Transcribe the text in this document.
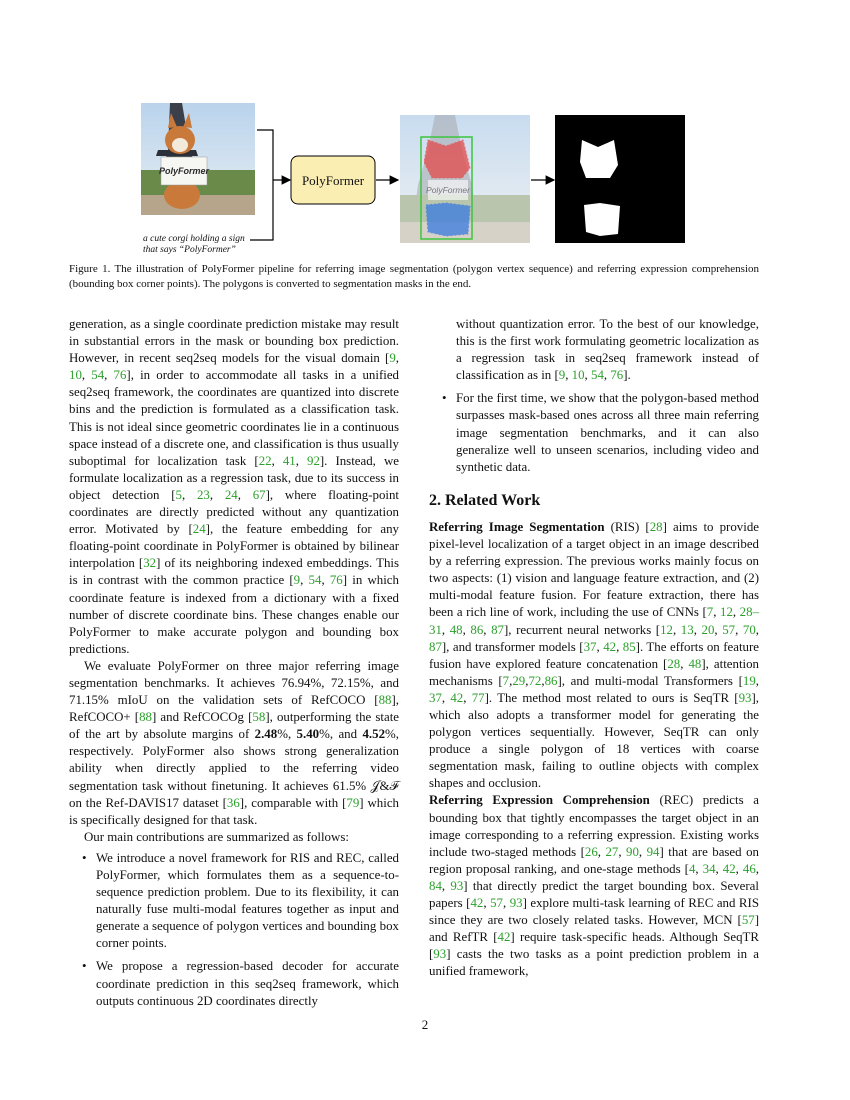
PolyFormer
a cute corgi holding a sign
that says “PolyFormer”
PolyFormer
PolyFormer
Figure 1. The illustration of PolyFormer pipeline for referring image segmentation (polygon vertex sequence) and referring expression comprehension (bounding box corner points). The polygons is converted to segmentation masks in the end.

generation, as a single coordinate prediction mistake may result in substantial errors in the mask or bounding box prediction. However, in recent seq2seq models for the visual domain [9, 10, 54, 76], in order to accommodate all tasks in a unified seq2seq framework, the coordinates are quantized into discrete bins and the prediction is formulated as a classification task. This is not ideal since geometric coordinates lie in a continuous space instead of a discrete one, and classification is thus usually suboptimal for localization task [22, 41, 92]. Instead, we formulate localization as a regression task, due to its success in object detection [5, 23, 24, 67], where floating-point coordinates are directly predicted without any quantization error. Motivated by [24], the feature embedding for any floating-point coordinate in PolyFormer is obtained by bilinear interpolation [32] of its neighboring indexed embeddings. This is in contrast with the common practice [9, 54, 76] in which coordinate feature is indexed from a dictionary with a fixed number of discrete coordinate bins. These changes enable our PolyFormer to make accurate polygon and bounding box predictions.

We evaluate PolyFormer on three major referring image segmentation benchmarks. It achieves 76.94%, 72.15%, and 71.15% mIoU on the validation sets of RefCOCO [88], RefCOCO+ [88] and RefCOCOg [58], outperforming the state of the art by absolute margins of 2.48%, 5.40%, and 4.52%, respectively. PolyFormer also shows strong generalization ability when directly applied to the referring video segmentation task without finetuning. It achieves 61.5% 𝒥&ℱ on the Ref-DAVIS17 dataset [36], comparable with [79] which is specifically designed for that task.

Our main contributions are summarized as follows:

• We introduce a novel framework for RIS and REC, called PolyFormer, which formulates them as a sequence-to-sequence prediction problem. Due to its flexibility, it can naturally fuse multi-modal features together as input and generate a sequence of polygon vertices and bounding box corner points.
• We propose a regression-based decoder for accurate coordinate prediction in this seq2seq framework, which outputs continuous 2D coordinates directly

without quantization error. To the best of our knowledge, this is the first work formulating geometric localization as a regression task in seq2seq framework instead of classification as in [9, 10, 54, 76].

• For the first time, we show that the polygon-based method surpasses mask-based ones across all three main referring image segmentation benchmarks, and it can also generalize well to unseen scenarios, including video and synthetic data.
2. Related Work

Referring Image Segmentation (RIS) [28] aims to provide pixel-level localization of a target object in an image described by a referring expression. The previous works mainly focus on two aspects: (1) vision and language feature extraction, and (2) multi-modal feature fusion. For feature extraction, there has been a rich line of work, including the use of CNNs [7, 12, 28–31, 48, 86, 87], recurrent neural networks [12, 13, 20, 57, 70, 87], and transformer models [37, 42, 85]. The efforts on feature fusion have explored feature concatenation [28, 48], attention mechanisms [7,29,72,86], and multi-modal Transformers [19, 37, 42, 77]. The method most related to ours is SeqTR [93], which also adopts a transformer model for generating the polygon vertices sequentially. However, SeqTR can only produce a single polygon of 18 vertices with coarse segmentation mask, failing to outline objects with complex shapes and occlusion.

Referring Expression Comprehension (REC) predicts a bounding box that tightly encompasses the target object in an image corresponding to a referring expression. Existing works include two-staged methods [26, 27, 90, 94] that are based on region proposal ranking, and one-stage methods [4, 34, 42, 46, 84, 93] that directly predict the target bounding box. Several papers [42, 57, 93] explore multi-task learning of REC and RIS since they are two closely related tasks. However, MCN [57] and RefTR [42] require task-specific heads. Although SeqTR [93] casts the two tasks as a point prediction problem in a unified framework,

2
